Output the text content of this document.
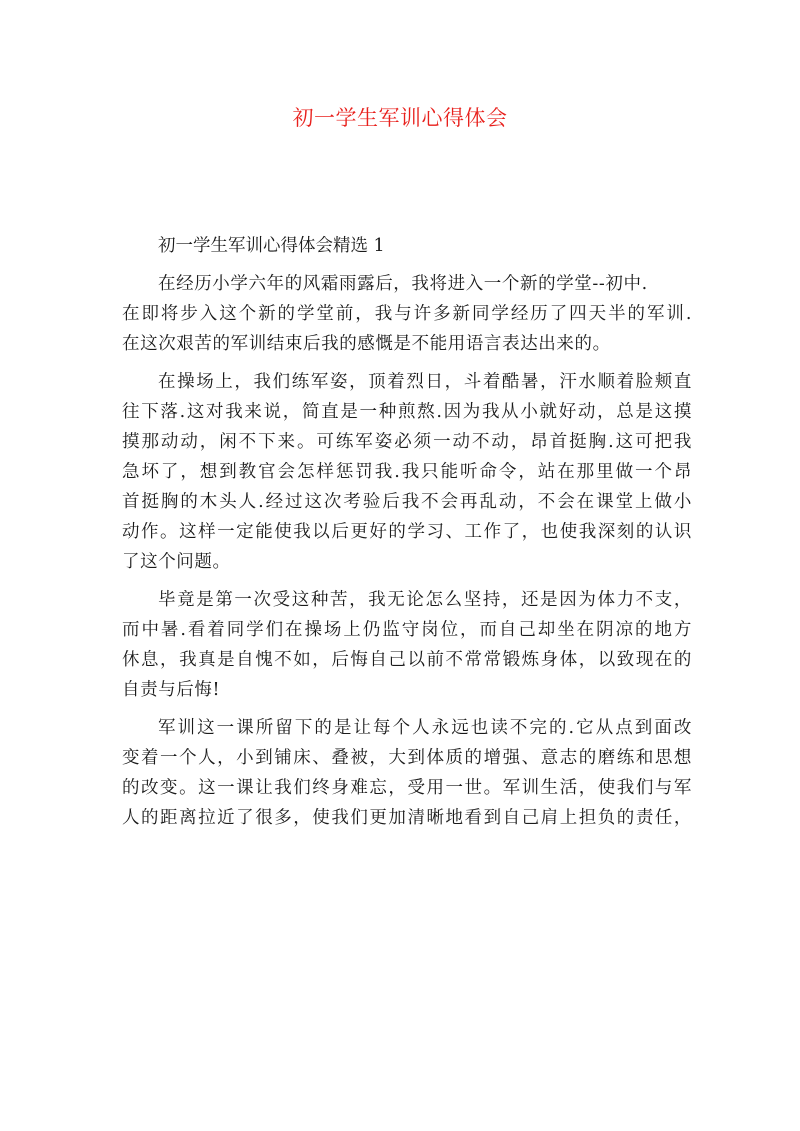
初一学生军训心得体会
初一学生军训心得体会精选 1
在经历小学六年的风霜雨露后，我将进入一个新的学堂--初中.
在即将步入这个新的学堂前，我与许多新同学经历了四天半的军训.
在这次艰苦的军训结束后我的感慨是不能用语言表达出来的。
在操场上，我们练军姿，顶着烈日，斗着酷暑，汗水顺着脸颊直
往下落.这对我来说，简直是一种煎熬.因为我从小就好动，总是这摸
摸那动动，闲不下来。可练军姿必须一动不动，昂首挺胸.这可把我
急坏了，想到教官会怎样惩罚我.我只能听命令，站在那里做一个昂
首挺胸的木头人.经过这次考验后我不会再乱动，不会在课堂上做小
动作。这样一定能使我以后更好的学习、工作了，也使我深刻的认识
了这个问题。
毕竟是第一次受这种苦，我无论怎么坚持，还是因为体力不支，
而中暑.看着同学们在操场上仍监守岗位，而自己却坐在阴凉的地方
休息，我真是自愧不如，后悔自己以前不常常锻炼身体，以致现在的
自责与后悔!
军训这一课所留下的是让每个人永远也读不完的.它从点到面改
变着一个人，小到铺床、叠被，大到体质的增强、意志的磨练和思想
的改变。这一课让我们终身难忘，受用一世。军训生活，使我们与军
人的距离拉近了很多，使我们更加清晰地看到自己肩上担负的责任，
